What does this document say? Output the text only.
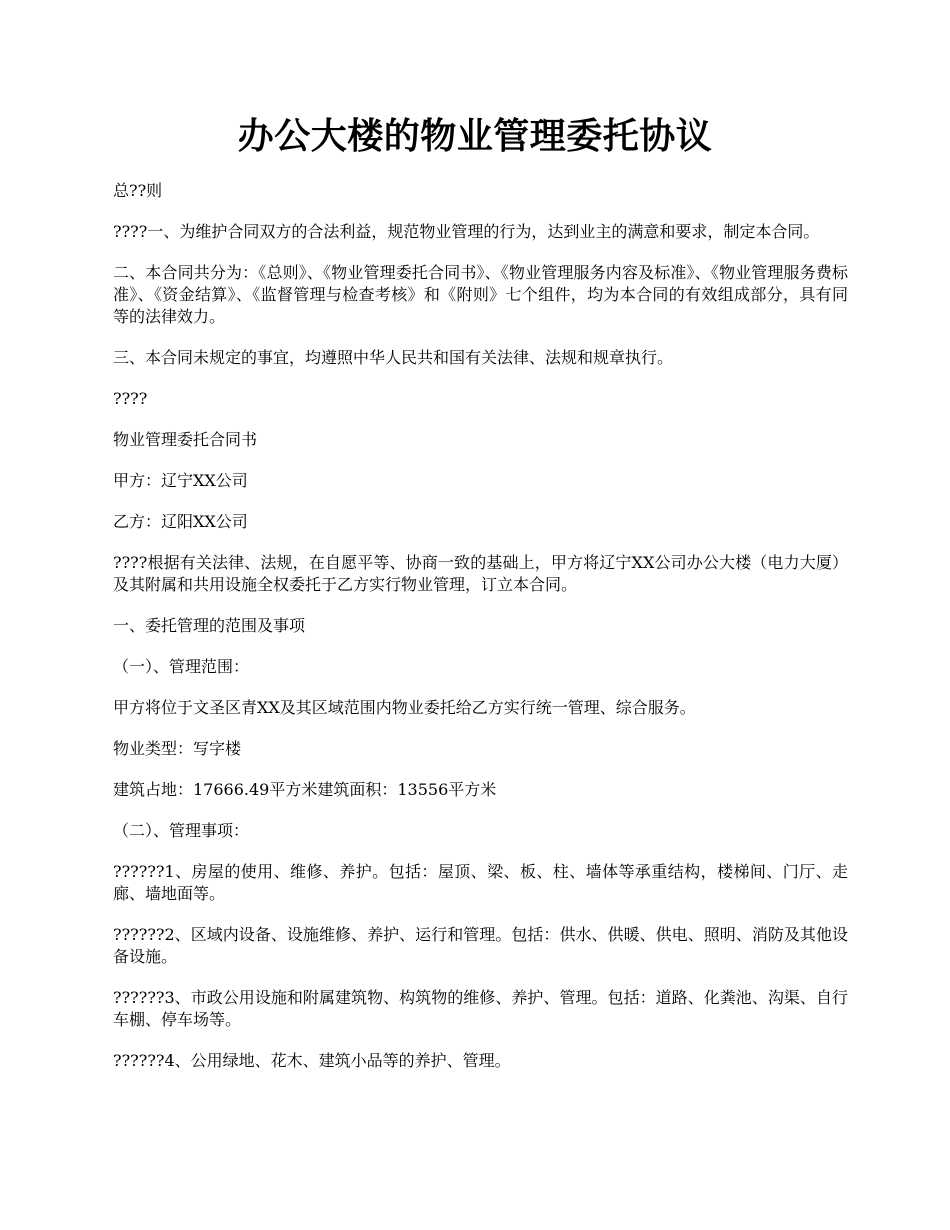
办公大楼的物业管理委托协议

总??则

????一、为维护合同双方的合法利益，规范物业管理的行为，达到业主的满意和要求，制定本合同。

二、本合同共分为：《总则》、《物业管理委托合同书》、《物业管理服务内容及标准》、《物业管理服务费标准》、《资金结算》、《监督管理与检查考核》和《附则》七个组件，均为本合同的有效组成部分，具有同等的法律效力。

三、本合同未规定的事宜，均遵照中华人民共和国有关法律、法规和规章执行。

????

物业管理委托合同书

甲方：辽宁XX公司

乙方：辽阳XX公司

????根据有关法律、法规，在自愿平等、协商一致的基础上，甲方将辽宁XX公司办公大楼（电力大厦）及其附属和共用设施全权委托于乙方实行物业管理，订立本合同。

一、委托管理的范围及事项

（一）、管理范围：

甲方将位于文圣区青XX及其区域范围内物业委托给乙方实行统一管理、综合服务。

物业类型：写字楼

建筑占地：17666.49平方米建筑面积：13556平方米

（二）、管理事项：

??????1、房屋的使用、维修、养护。包括：屋顶、梁、板、柱、墙体等承重结构，楼梯间、门厅、走廊、墙地面等。

??????2、区域内设备、设施维修、养护、运行和管理。包括：供水、供暖、供电、照明、消防及其他设备设施。

??????3、市政公用设施和附属建筑物、构筑物的维修、养护、管理。包括：道路、化粪池、沟渠、自行车棚、停车场等。

??????4、公用绿地、花木、建筑小品等的养护、管理。
